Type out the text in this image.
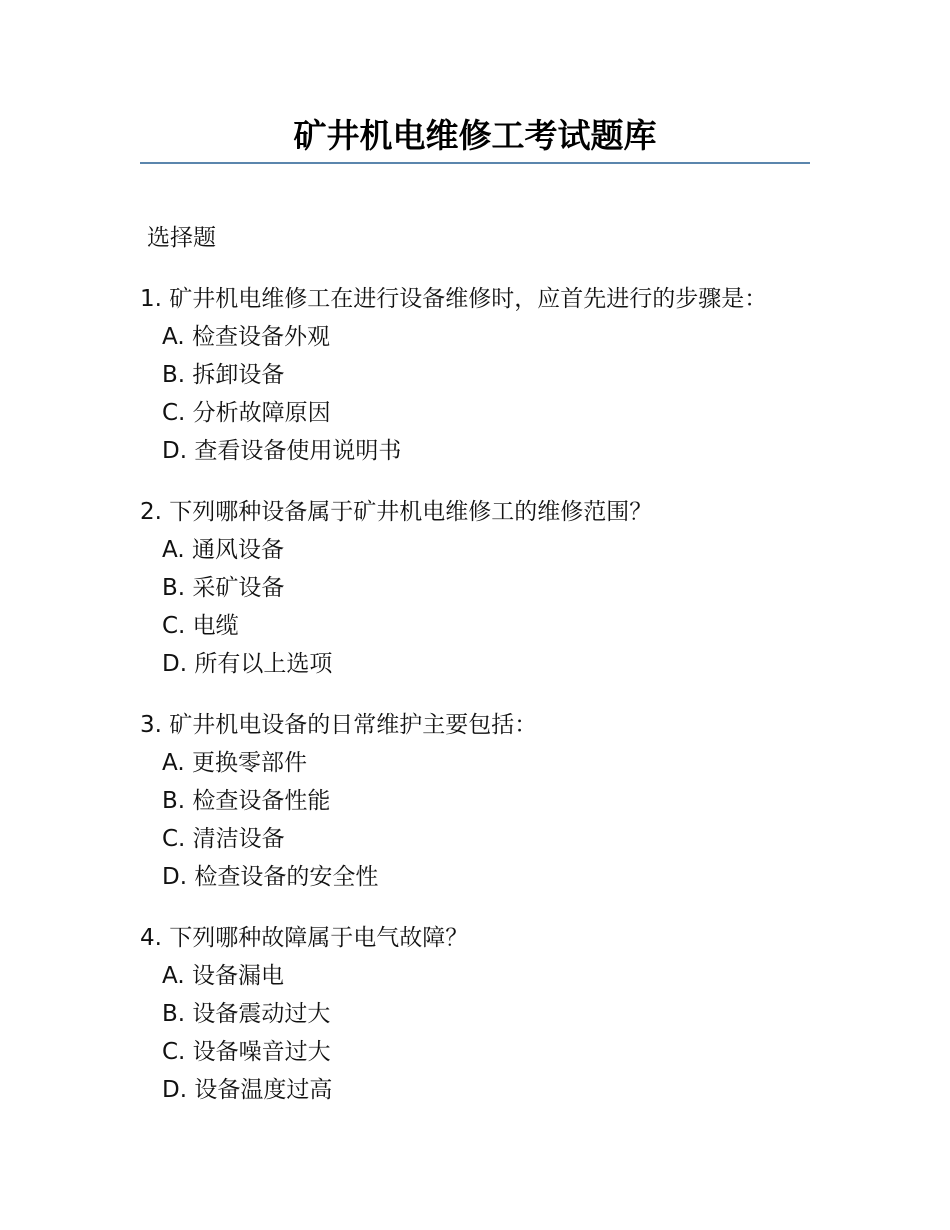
矿井机电维修工考试题库
选择题
1. 矿井机电维修工在进行设备维修时，应首先进行的步骤是：
A. 检查设备外观
B. 拆卸设备
C. 分析故障原因
D. 查看设备使用说明书
2. 下列哪种设备属于矿井机电维修工的维修范围？
A. 通风设备
B. 采矿设备
C. 电缆
D. 所有以上选项
3. 矿井机电设备的日常维护主要包括：
A. 更换零部件
B. 检查设备性能
C. 清洁设备
D. 检查设备的安全性
4. 下列哪种故障属于电气故障？
A. 设备漏电
B. 设备震动过大
C. 设备噪音过大
D. 设备温度过高
